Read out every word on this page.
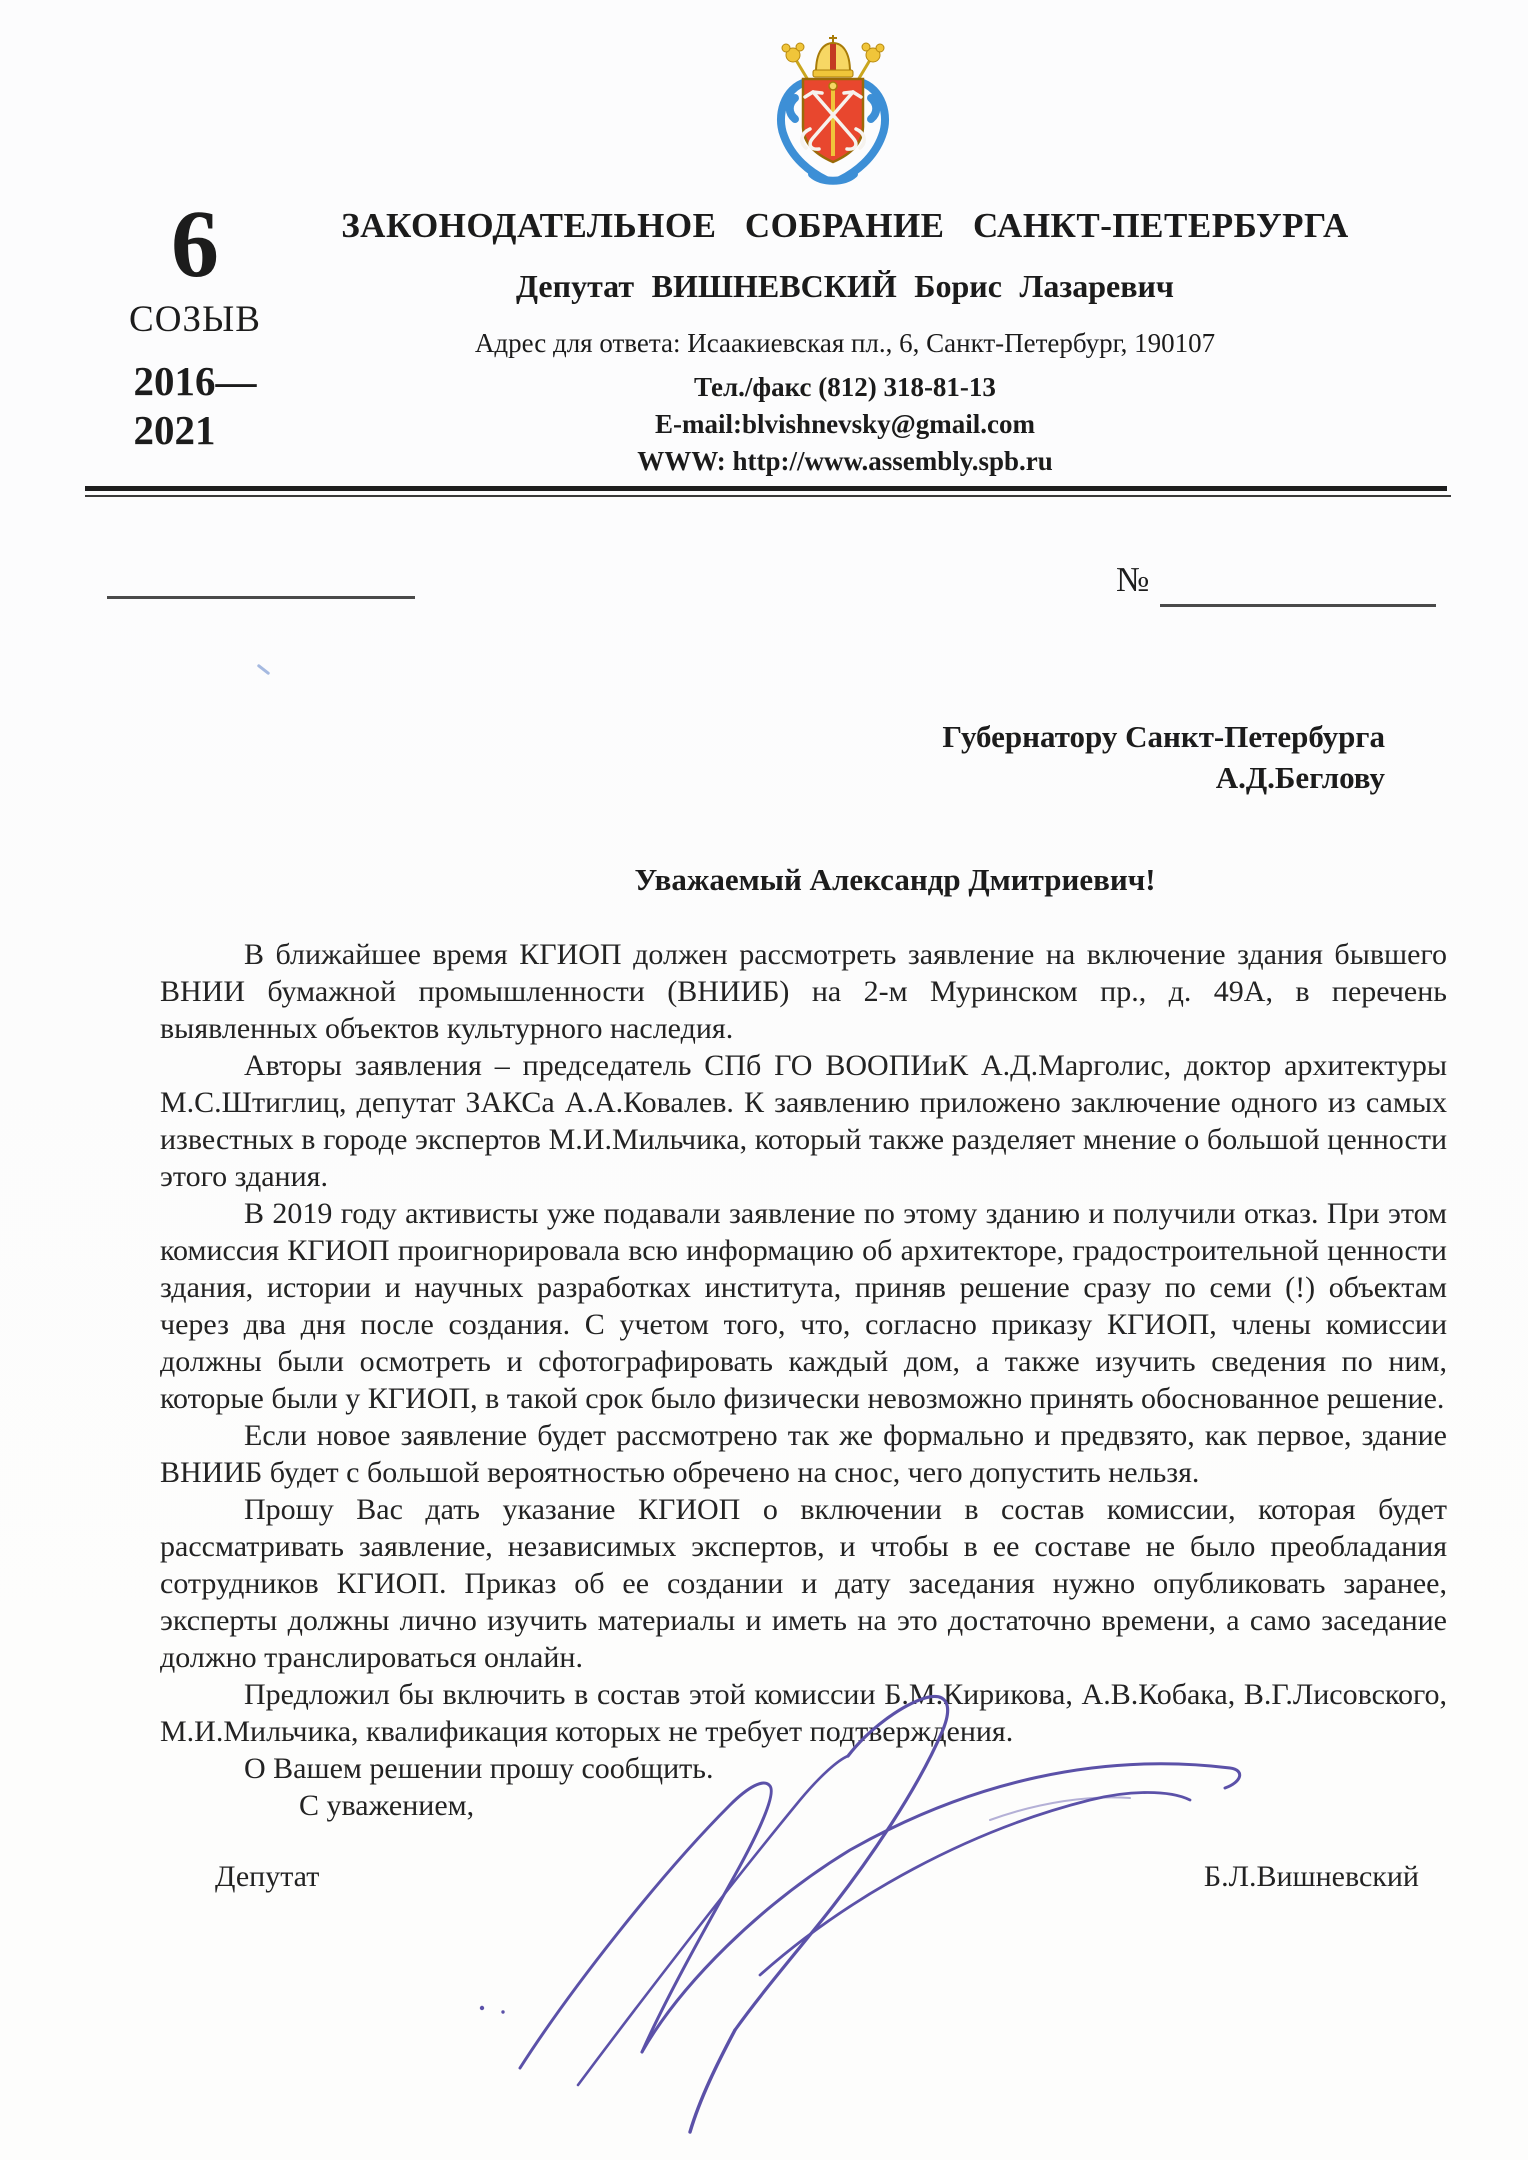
6
СОЗЫВ
2016—
2021
ЗАКОНОДАТЕЛЬНОЕ СОБРАНИЕ САНКТ-ПЕТЕРБУРГА
Депутат ВИШНЕВСКИЙ Борис Лазаревич
Адрес для ответа: Исаакиевская пл., 6, Санкт-Петербург, 190107
Тел./факс (812) 318-81-13
E-mail:blvishnevsky@gmail.com
WWW: http://www.assembly.spb.ru
№
Губернатору Санкт-Петербурга
А.Д.Беглову
Уважаемый Александр Дмитриевич!

В ближайшее время КГИОП должен рассмотреть заявление на включение здания бывшего ВНИИ бумажной промышленности (ВНИИБ) на 2-м Муринском пр., д. 49А, в перечень выявленных объектов культурного наследия.

Авторы заявления – председатель СПб ГО ВООПИиК А.Д.Марголис, доктор архитектуры М.С.Штиглиц, депутат ЗАКСа А.А.Ковалев. К заявлению приложено заключение одного из самых известных в городе экспертов М.И.Мильчика, который также разделяет мнение о большой ценности этого здания.

В 2019 году активисты уже подавали заявление по этому зданию и получили отказ. При этом комиссия КГИОП проигнорировала всю информацию об архитекторе, градостроительной ценности здания, истории и научных разработках института, приняв решение сразу по семи (!) объектам через два дня после создания. С учетом того, что, согласно приказу КГИОП, члены комиссии должны были осмотреть и сфотографировать каждый дом, а также изучить сведения по ним, которые были у КГИОП, в такой срок было физически невозможно принять обоснованное решение.

Если новое заявление будет рассмотрено так же формально и предвзято, как первое, здание ВНИИБ будет с большой вероятностью обречено на снос, чего допустить нельзя.

Прошу Вас дать указание КГИОП о включении в состав комиссии, которая будет рассматривать заявление, независимых экспертов, и чтобы в ее составе не было преобладания сотрудников КГИОП. Приказ об ее создании и дату заседания нужно опубликовать заранее, эксперты должны лично изучить материалы и иметь на это достаточно времени, а само заседание должно транслироваться онлайн.

Предложил бы включить в состав этой комиссии Б.М.Кирикова, А.В.Кобака, В.Г.Лисовского, М.И.Мильчика, квалификация которых не требует подтверждения.

О Вашем решении прошу сообщить.

С уважением,

Депутат	Б.Л.Вишневский
